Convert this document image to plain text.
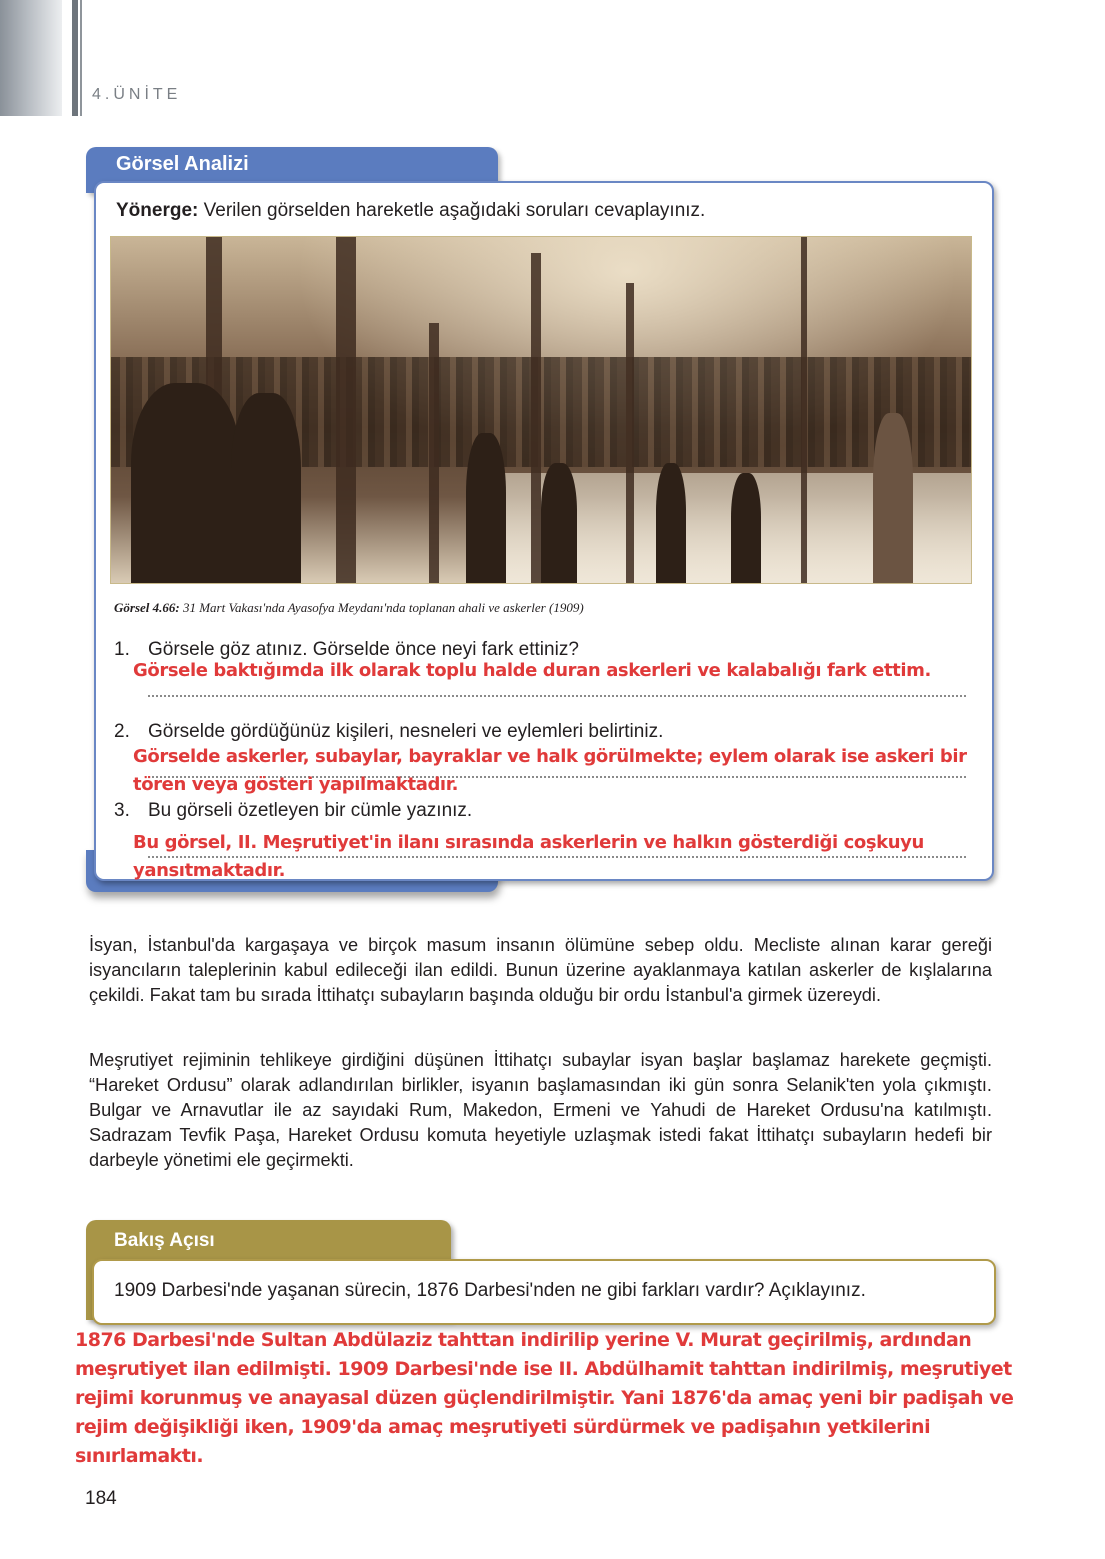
4.ÜNİTE
Görsel Analizi
Yönerge: Verilen görselden hareketle aşağıdaki soruları cevaplayınız.
Görsel 4.66: 31 Mart Vakası'nda Ayasofya Meydanı'nda toplanan ahali ve askerler (1909)
1. Görsele göz atınız. Görselde önce neyi fark ettiniz?
Görsele baktığımda ilk olarak toplu halde duran askerleri ve kalabalığı fark ettim.
2. Görselde gördüğünüz kişileri, nesneleri ve eylemleri belirtiniz.
Görselde askerler, subaylar, bayraklar ve halk görülmekte; eylem olarak ise askeri bir
tören veya gösteri yapılmaktadır.
3. Bu görseli özetleyen bir cümle yazınız.
Bu görsel, II. Meşrutiyet'in ilanı sırasında askerlerin ve halkın gösterdiği coşkuyu
yansıtmaktadır.
İsyan, İstanbul'da kargaşaya ve birçok masum insanın ölümüne sebep oldu. Mecliste alınan karar gereği isyancıların taleplerinin kabul edileceği ilan edildi. Bunun üzerine ayaklanmaya katılan askerler de kışlalarına çekildi. Fakat tam bu sırada İttihatçı subayların başında olduğu bir ordu İstanbul'a girmek üzereydi.
Meşrutiyet rejiminin tehlikeye girdiğini düşünen İttihatçı subaylar isyan başlar başlamaz harekete geçmişti. “Hareket Ordusu” olarak adlandırılan birlikler, isyanın başlamasından iki gün sonra Selanik'ten yola çıkmıştı. Bulgar ve Arnavutlar ile az sayıdaki Rum, Makedon, Ermeni ve Yahudi de Hareket Ordusu'na katılmıştı. Sadrazam Tevfik Paşa, Hareket Ordusu komuta heyetiyle uzlaşmak istedi fakat İttihatçı subayların hedefi bir darbeyle yönetimi ele geçirmekti.
Bakış Açısı
1909 Darbesi'nde yaşanan sürecin, 1876 Darbesi'nden ne gibi farkları vardır? Açıklayınız.
1876 Darbesi'nde Sultan Abdülaziz tahttan indirilip yerine V. Murat geçirilmiş, ardından
meşrutiyet ilan edilmişti. 1909 Darbesi'nde ise II. Abdülhamit tahttan indirilmiş, meşrutiyet
rejimi korunmuş ve anayasal düzen güçlendirilmiştir. Yani 1876'da amaç yeni bir padişah ve
rejim değişikliği iken, 1909'da amaç meşrutiyeti sürdürmek ve padişahın yetkilerini
sınırlamaktı.
184
